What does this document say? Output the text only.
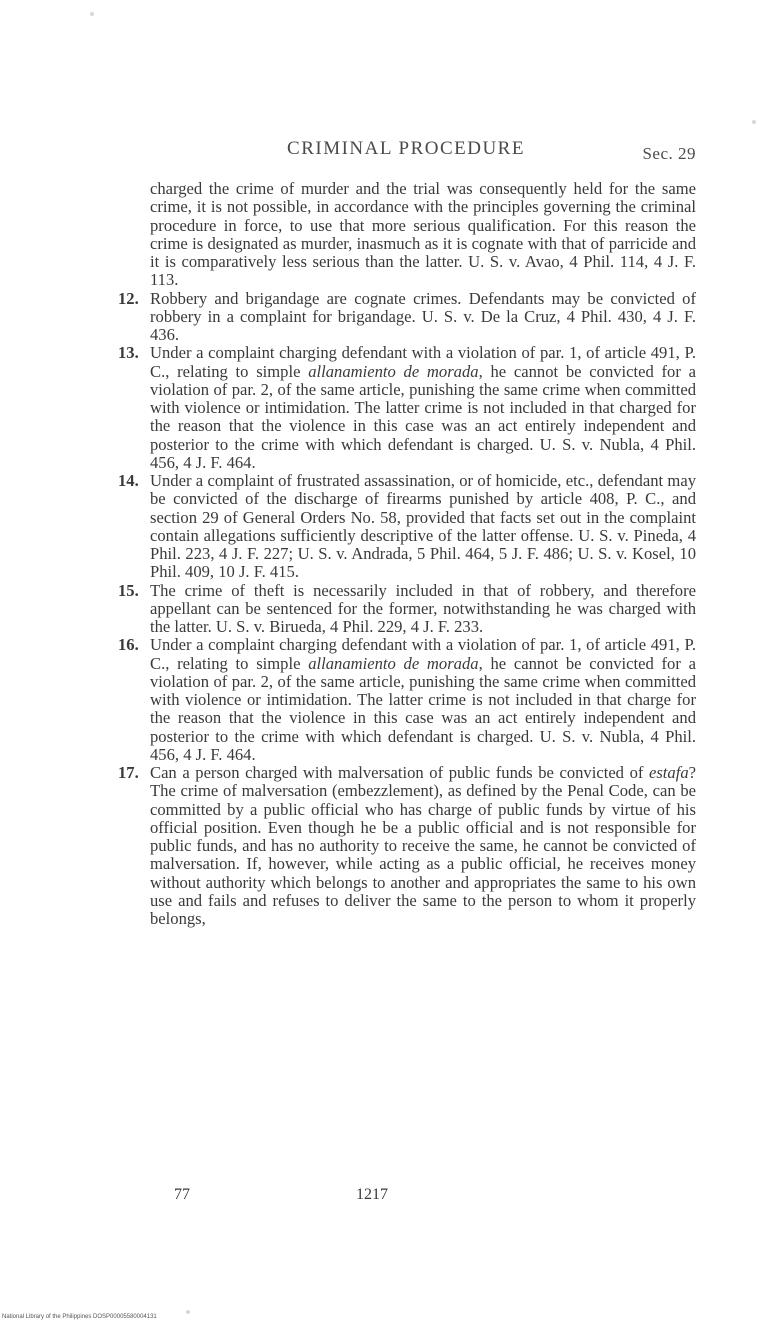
CRIMINAL PROCEDURE	Sec. 29

charged the crime of murder and the trial was consequently held for the same crime, it is not possible, in accordance with the principles governing the criminal procedure in force, to use that more serious qualification. For this reason the crime is designated as murder, inasmuch as it is cognate with that of parricide and it is comparatively less serious than the latter. U. S. v. Avao, 4 Phil. 114, 4 J. F. 113.

12. Robbery and brigandage are cognate crimes. Defendants may be convicted of robbery in a complaint for brigandage. U. S. v. De la Cruz, 4 Phil. 430, 4 J. F. 436.

13. Under a complaint charging defendant with a violation of par. 1, of article 491, P. C., relating to simple allanamiento de morada, he cannot be convicted for a violation of par. 2, of the same article, punishing the same crime when committed with violence or intimidation. The latter crime is not included in that charged for the reason that the violence in this case was an act entirely independent and posterior to the crime with which defendant is charged. U. S. v. Nubla, 4 Phil. 456, 4 J. F. 464.

14. Under a complaint of frustrated assassination, or of homicide, etc., defendant may be convicted of the discharge of firearms punished by article 408, P. C., and section 29 of General Orders No. 58, provided that facts set out in the complaint contain allegations sufficiently descriptive of the latter offense. U. S. v. Pineda, 4 Phil. 223, 4 J. F. 227; U. S. v. Andrada, 5 Phil. 464, 5 J. F. 486; U. S. v. Kosel, 10 Phil. 409, 10 J. F. 415.

15. The crime of theft is necessarily included in that of robbery, and therefore appellant can be sentenced for the former, notwithstanding he was charged with the latter. U. S. v. Birueda, 4 Phil. 229, 4 J. F. 233.

16. Under a complaint charging defendant with a violation of par. 1, of article 491, P. C., relating to simple allanamiento de morada, he cannot be convicted for a violation of par. 2, of the same article, punishing the same crime when committed with violence or intimidation. The latter crime is not included in that charge for the reason that the violence in this case was an act entirely independent and posterior to the crime with which defendant is charged. U. S. v. Nubla, 4 Phil. 456, 4 J. F. 464.

17. Can a person charged with malversation of public funds be convicted of estafa? The crime of malversation (embezzlement), as defined by the Penal Code, can be committed by a public official who has charge of public funds by virtue of his official position. Even though he be a public official and is not responsible for public funds, and has no authority to receive the same, he cannot be convicted of malversation. If, however, while acting as a public official, he receives money without authority which belongs to another and appropriates the same to his own use and fails and refuses to deliver the same to the person to whom it properly belongs,

77	1217
National Library of the Philippines DOSP00005580004131
